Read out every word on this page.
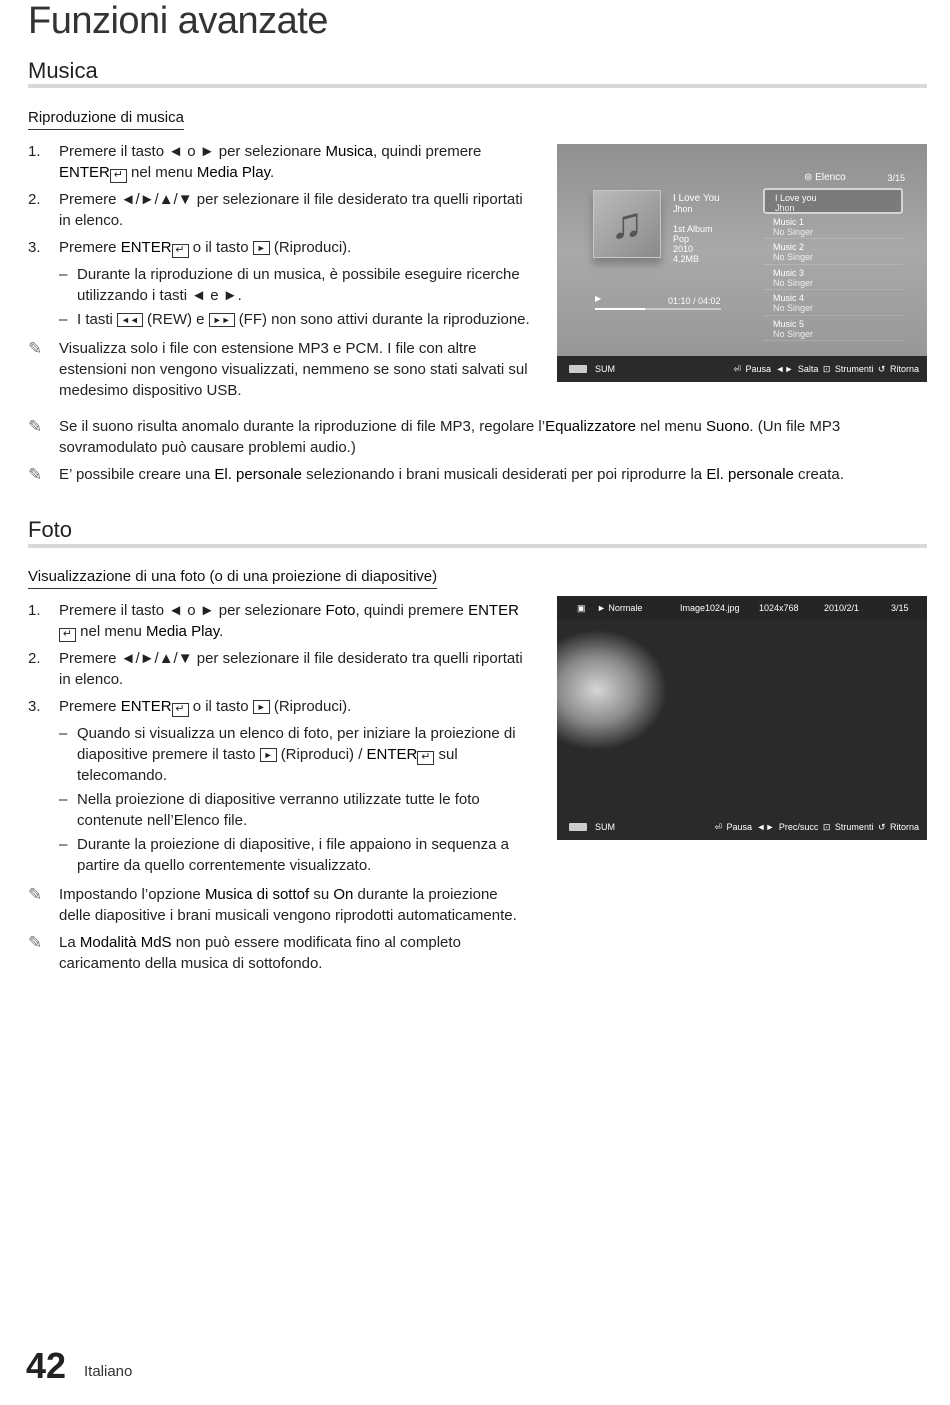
Funzioni avanzate
Musica
Riproduzione di musica
1. Premere il tasto ◄ o ► per selezionare Musica, quindi premere ENTER ↵ nel menu Media Play.
2. Premere ◄/►/▲/▼ per selezionare il file desiderato tra quelli riportati in elenco.
3. Premere ENTER ↵ o il tasto ► (Riproduci).
– Durante la riproduzione di un musica, è possibile eseguire ricerche utilizzando i tasti ◄ e ►.
– I tasti ◄◄ (REW) e ►► (FF) non sono attivi durante la riproduzione.
✎ Visualizza solo i file con estensione MP3 e PCM. I file con altre estensioni non vengono visualizzati, nemmeno se sono stati salvati sul medesimo dispositivo USB.
♫
I Love You
Jhon
1st Album
Pop
2010
4.2MB
▶	01:10 / 04:02
⊜ Elenco	3/15
I Love you
Jhon
Music 1
No Singer
Music 2
No Singer
Music 3
No Singer
Music 4
No Singer
Music 5
No Singer
SUM	⏎ Pausa ◄► Salta ⊡ Strumenti ↺ Ritorna
✎ Se il suono risulta anomalo durante la riproduzione di file MP3, regolare l’Equalizzatore nel menu Suono. (Un file MP3 sovramodulato può causare problemi audio.)
✎ E’ possibile creare una El. personale selezionando i brani musicali desiderati per poi riprodurre la El. personale creata.
Foto
Visualizzazione di una foto (o di una proiezione di diapositive)
1. Premere il tasto ◄ o ► per selezionare Foto, quindi premere ENTER↵ nel menu Media Play.
2. Premere ◄/►/▲/▼ per selezionare il file desiderato tra quelli riportati in elenco.
3. Premere ENTER ↵ o il tasto ► (Riproduci).
– Quando si visualizza un elenco di foto, per iniziare la proiezione di diapositive premere il tasto ► (Riproduci) / ENTER ↵ sul telecomando.
– Nella proiezione di diapositive verranno utilizzate tutte le foto contenute nell’Elenco file.
– Durante la proiezione di diapositive, i file appaiono in sequenza a partire da quello correntemente visualizzato.
✎ Impostando l’opzione Musica di sottof su On durante la proiezione delle diapositive i brani musicali vengono riprodotti automaticamente.
✎ La Modalità MdS non può essere modificata fino al completo caricamento della musica di sottofondo.
▣ ► Normale	Image1024.jpg 1024x768	2010/2/1	3/15
SUM	⏎ Pausa ◄► Prec/succ ⊡ Strumenti ↺ Ritorna
42 Italiano
